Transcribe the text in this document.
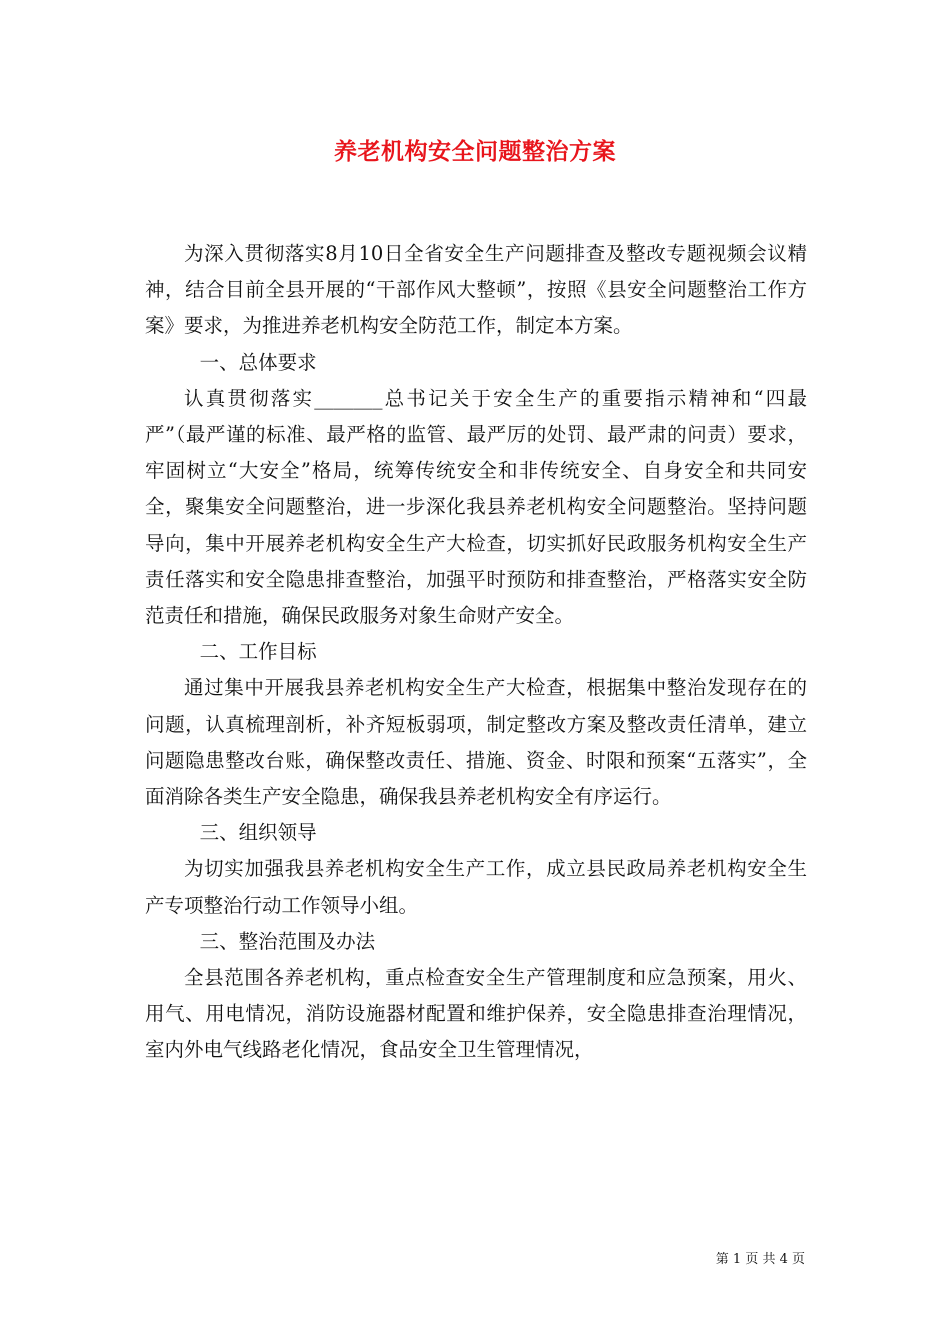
养老机构安全问题整治方案

为深入贯彻落实8月10日全省安全生产问题排查及整改专题视频会议精神，结合目前全县开展的“干部作风大整顿”，按照《县安全问题整治工作方案》要求，为推进养老机构安全防范工作，制定本方案。

一、总体要求

认真贯彻落实_______总书记关于安全生产的重要指示精神和“四最严”（最严谨的标准、最严格的监管、最严厉的处罚、最严肃的问责）要求，牢固树立“大安全”格局，统筹传统安全和非传统安全、自身安全和共同安全，聚集安全问题整治，进一步深化我县养老机构安全问题整治。坚持问题导向，集中开展养老机构安全生产大检查，切实抓好民政服务机构安全生产责任落实和安全隐患排查整治，加强平时预防和排查整治，严格落实安全防范责任和措施，确保民政服务对象生命财产安全。

二、工作目标

通过集中开展我县养老机构安全生产大检查，根据集中整治发现存在的问题，认真梳理剖析，补齐短板弱项，制定整改方案及整改责任清单，建立问题隐患整改台账，确保整改责任、措施、资金、时限和预案“五落实”，全面消除各类生产安全隐患，确保我县养老机构安全有序运行。

三、组织领导

为切实加强我县养老机构安全生产工作，成立县民政局养老机构安全生产专项整治行动工作领导小组。

三、整治范围及办法

全县范围各养老机构，重点检查安全生产管理制度和应急预案，用火、用气、用电情况，消防设施器材配置和维护保养，安全隐患排查治理情况，室内外电气线路老化情况，食品安全卫生管理情况，

第 1 页 共 4 页
